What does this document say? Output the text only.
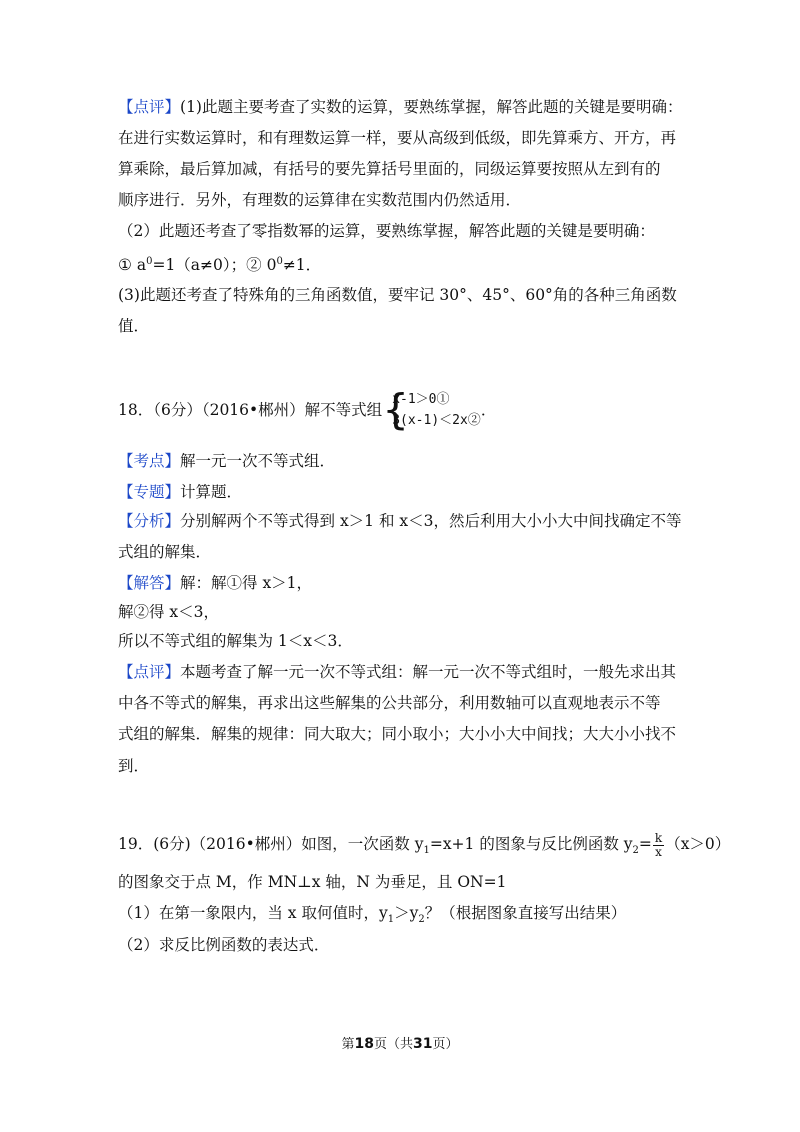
【点评】(1)此题主要考查了实数的运算，要熟练掌握，解答此题的关键是要明确：
在进行实数运算时，和有理数运算一样，要从高级到低级，即先算乘方、开方，再
算乘除，最后算加减，有括号的要先算括号里面的，同级运算要按照从左到有的
顺序进行．另外，有理数的运算律在实数范围内仍然适用．
（2）此题还考查了零指数幂的运算，要熟练掌握，解答此题的关键是要明确：
① $a^0=1(a\ne 0)$；② $0^0\ne 1$．
(3)此题还考查了特殊角的三角函数值，要牢记 30°、45°、60°角的各种三角函数
值．
18．（6分）（2016•郴州）解不等式组 {
x-1＞0①
3(x-1)＜2x②
．
【考点】解一元一次不等式组．
【专题】计算题．
【分析】分别解两个不等式得到 x＞1 和 x＜3，然后利用大小小大中间找确定不等
式组的解集．
【解答】解：解①得 x＞1，
解②得 x＜3，
所以不等式组的解集为 1＜x＜3．
【点评】本题考查了解一元一次不等式组：解一元一次不等式组时，一般先求出其
中各不等式的解集，再求出这些解集的公共部分，利用数轴可以直观地表示不等
式组的解集．解集的规律：同大取大；同小取小；大小小大中间找；大大小小找不
到．
19．(6分)（2016•郴州）如图，一次函数 $y_1=x+1$ 的图象与反比例函数 $y_2= \frac{k}{x} (x>0)$
的图象交于点 M，作 MN⊥x 轴，N 为垂足，且 ON=1
（1）在第一象限内，当 x 取何值时，$y_1>y_2$？（根据图象直接写出结果）
（2）求反比例函数的表达式．
第18页（共31页）
